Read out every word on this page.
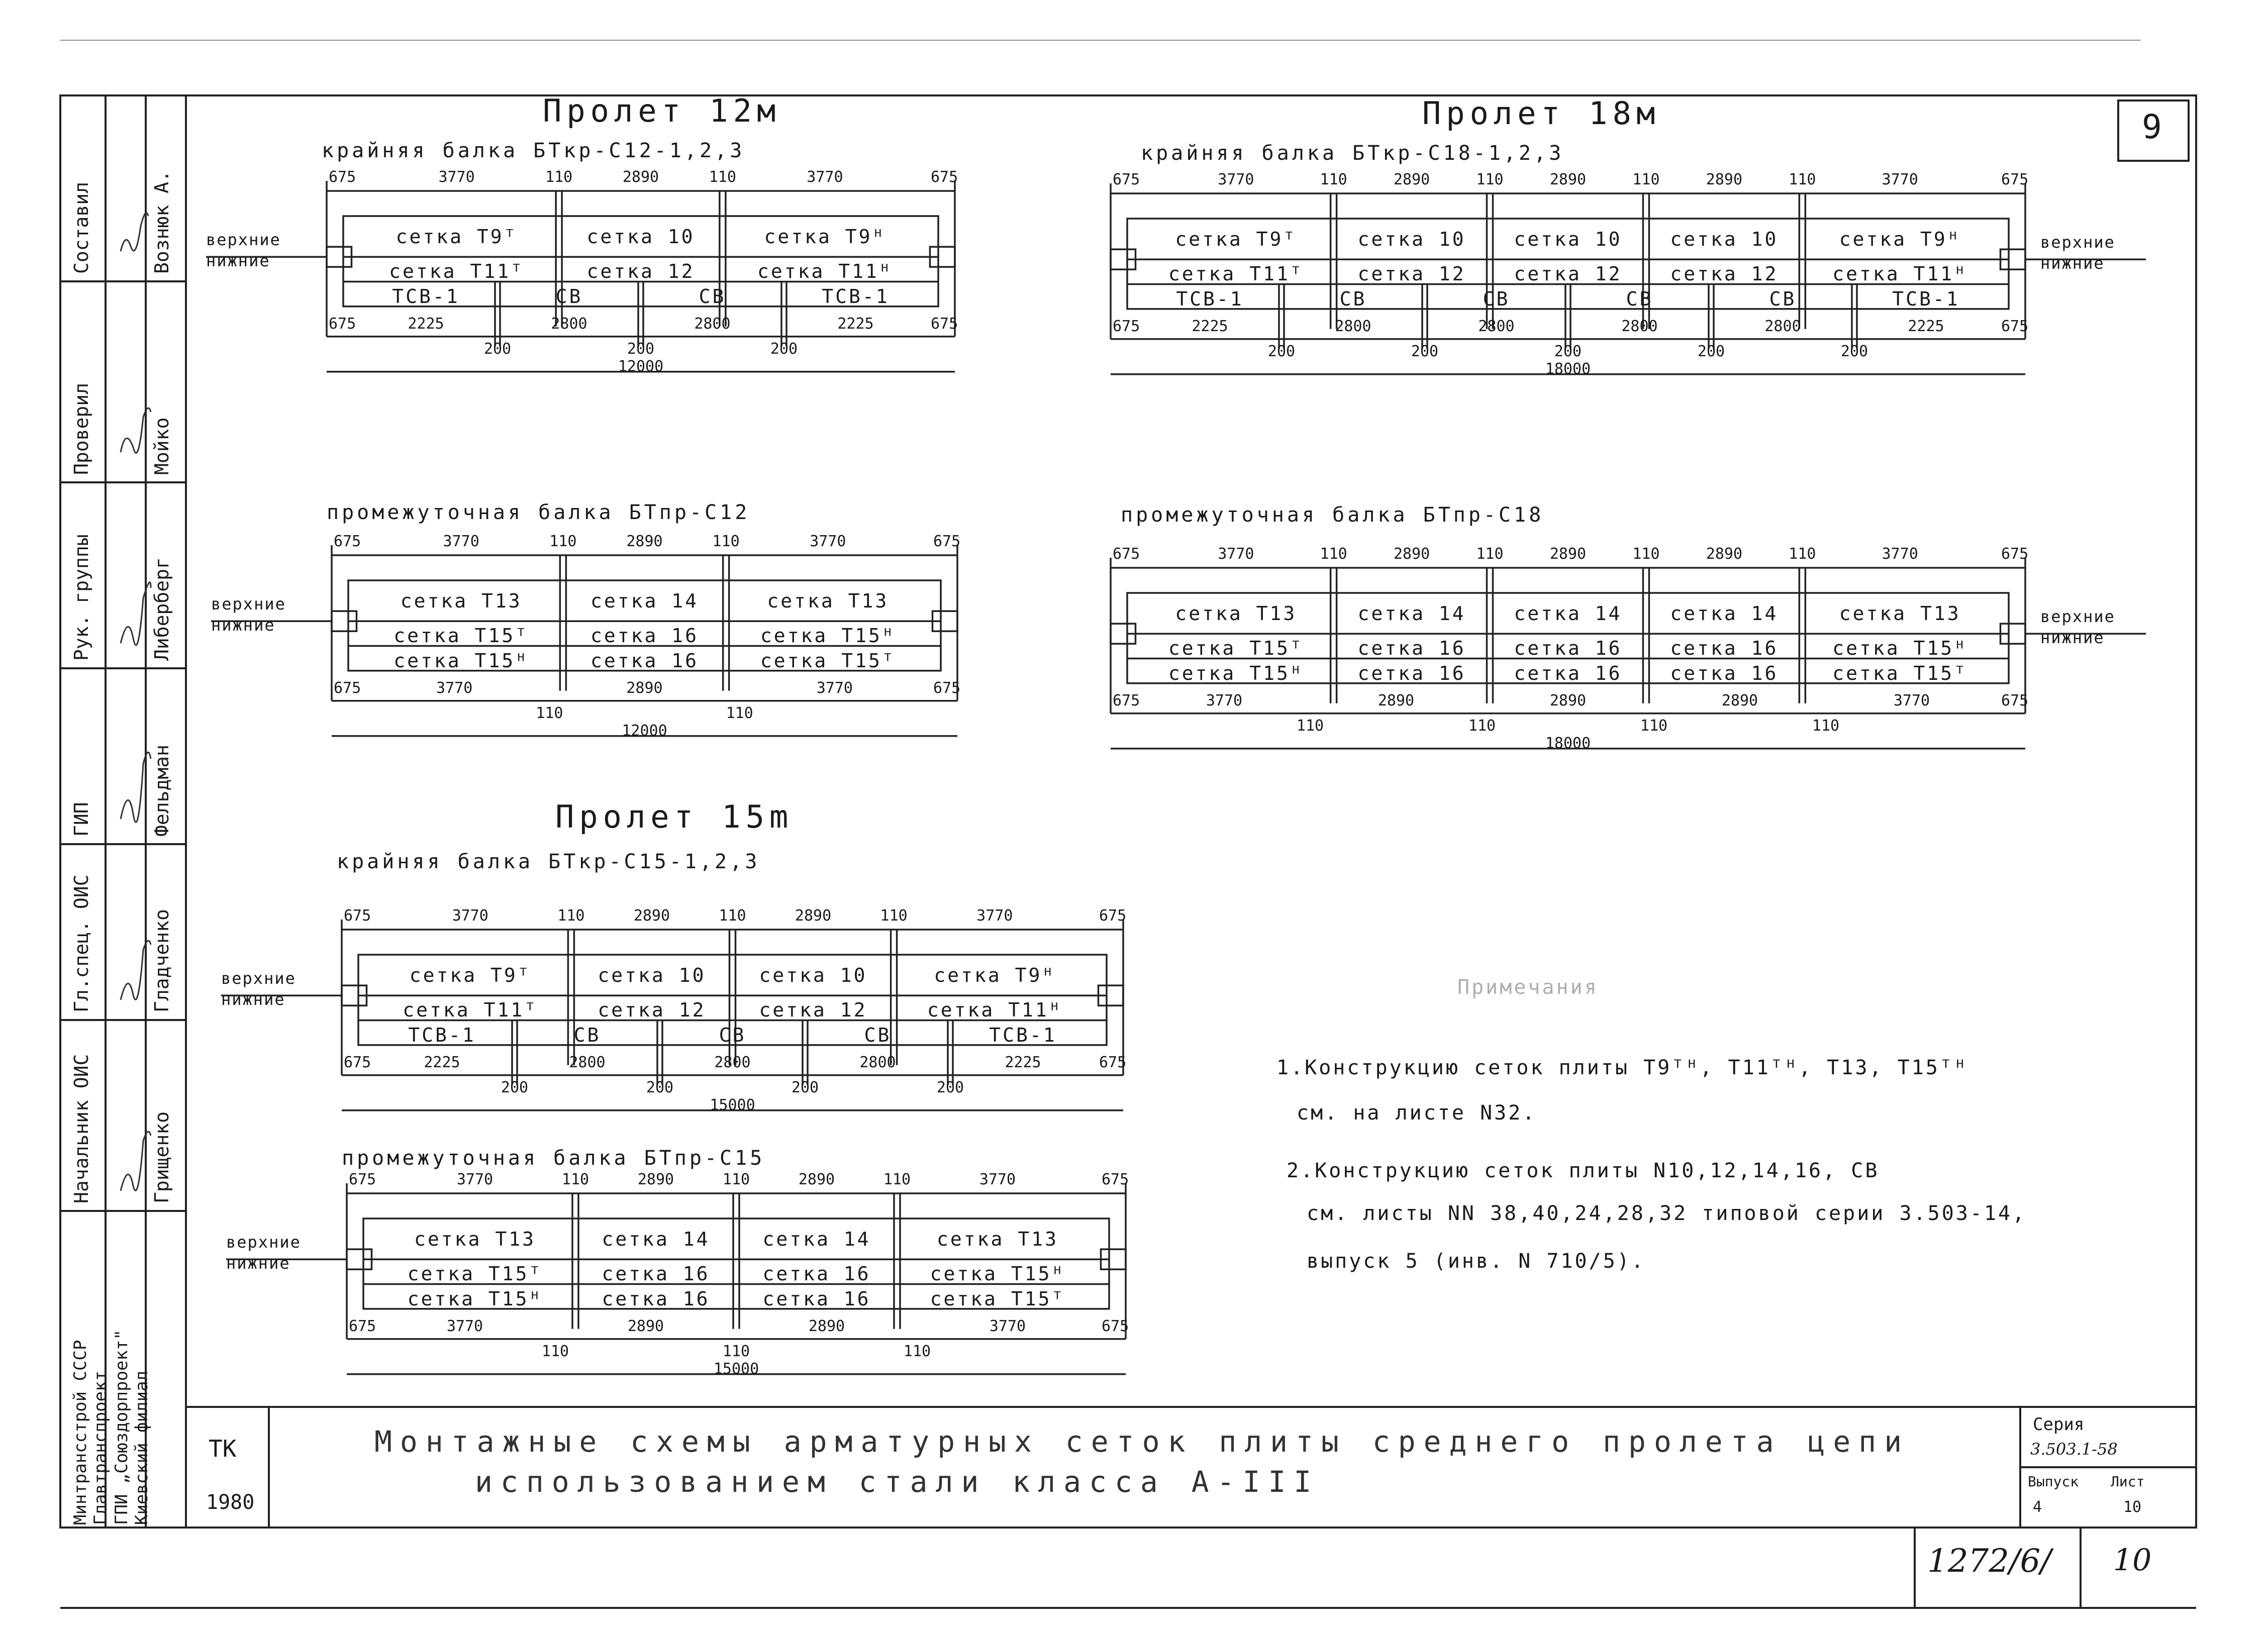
9
Пролет 12м
крайняя балка БТкр-С12-1,2,3
промежуточная балка БТпр-С12
Пролет 18м
крайняя балка БТкр-С18-1,2,3
промежуточная балка БТпр-С18
Пролет 15m
крайняя балка БТкр-С15-1,2,3
промежуточная балка БТпр-С15
675	3770	110	2890	110	3770	675
сетка T9ᵀ
сетка T11ᵀ
сетка 10
сетка 12
сетка T9ᴴ
сетка T11ᴴ
ТСВ-1	СВ	СВ	ТСВ-1
675	2225	2800	2800	2225	675
200	200	200
12000
верхние
нижние
675	3770	110	2890	110	3770	675
сетка T13
сетка T15ᵀ
сетка T15ᴴ
сетка 14
сетка 16
сетка 16
сетка T13
сетка T15ᴴ
сетка T15ᵀ
675	3770	2890	3770	675
110	110
12000
верхние
нижние
675	3770	110	2890	110	2890	110	2890	110	3770	675
сетка T9ᵀ
сетка T11ᵀ
сетка 10
сетка 12
сетка 10
сетка 12
сетка 10
сетка 12
сетка T9ᴴ
сетка T11ᴴ
ТСВ-1	СВ	СВ	СВ	СВ	ТСВ-1
675	2225	2800	2800	2800	2800	2225	675
200	200	200	200	200
18000
верхние
нижние
675	3770	110	2890	110	2890	110	2890	110	3770	675
сетка T13
сетка T15ᵀ
сетка T15ᴴ
сетка 14
сетка 16
сетка 16
сетка 14
сетка 16
сетка 16
сетка 14
сетка 16
сетка 16
сетка T13
сетка T15ᴴ
сетка T15ᵀ
675	3770	2890	2890	2890	3770	675
110	110	110	110
18000
верхние
нижние
675	3770	110	2890	110	2890	110	3770	675
сетка T9ᵀ
сетка T11ᵀ
сетка 10
сетка 12
сетка 10
сетка 12
сетка T9ᴴ
сетка T11ᴴ
ТСВ-1	СВ	СВ	СВ	ТСВ-1
675	2225	2800	2800	2800	2225	675
200	200	200	200
15000
верхние
нижние
675	3770	110	2890	110	2890	110	3770	675
сетка T13
сетка T15ᵀ
сетка T15ᴴ
сетка 14
сетка 16
сетка 16
сетка 14
сетка 16
сетка 16
сетка T13
сетка T15ᴴ
сетка T15ᵀ
675	3770	2890	2890	3770	675
110	110	110
15000
верхние
нижние
Примечания
1.Конструкцию сеток плиты T9ᵀᴴ, T11ᵀᴴ, T13, T15ᵀᴴ
см. на листе N32.
2.Конструкцию сеток плиты N10,12,14,16, СВ
см. листы NN 38,40,24,28,32 типовой серии 3.503-14,
выпуск 5 (инв. N 710/5).
Монтажные схемы арматурных сеток плиты среднего пролета цепи
использованием стали класса А-III
ТК
1980
Серия
3.503.1-58
Выпуск
4
Лист
10
1272/6/ 10
Минтрансстрой СССР Главтранспроект ГПИ „Союздорпроект" Киевский филиал
Составил	Вознюк А.
Проверил	Мойко
Рук. группы	Либерберг
ГИП	Фельдман
Гл.спец. ОИС	Гладченко
Начальник ОИС	Грищенко
